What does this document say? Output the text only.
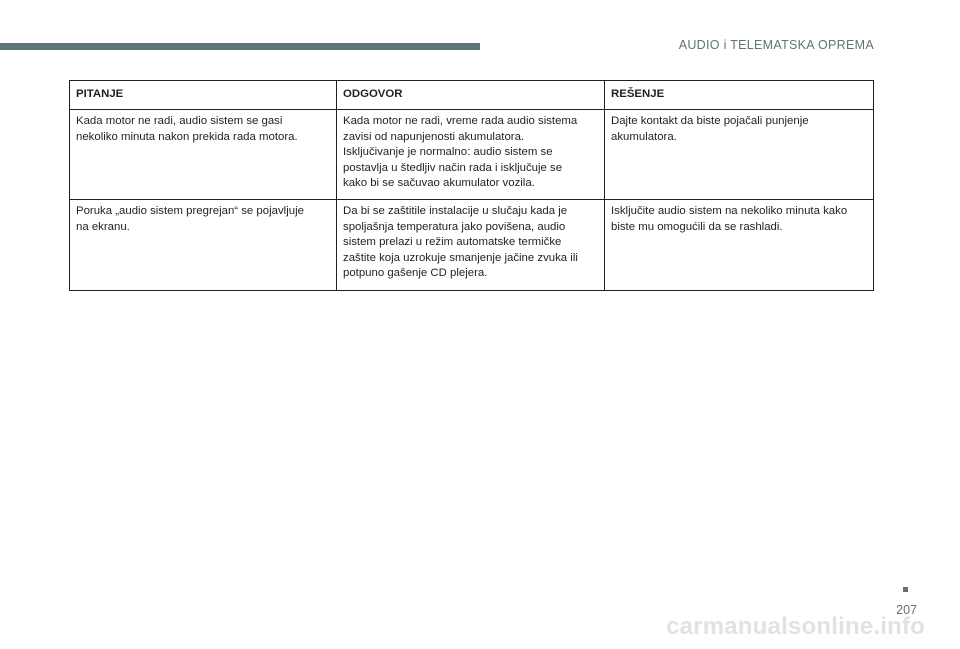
AUDIO i TELEMATSKA OPREMA
PITANJE	ODGOVOR	REŠENJE
Kada motor ne radi, audio sistem se gasi
nekoliko minuta nakon prekida rada motora.	Kada motor ne radi, vreme rada audio sistema
zavisi od napunjenosti akumulatora.
Isključivanje je normalno: audio sistem se
postavlja u štedljiv način rada i isključuje se
kako bi se sačuvao akumulator vozila.	Dajte kontakt da biste pojačali punjenje
akumulatora.
Poruka „audio sistem pregrejan“ se pojavljuje
na ekranu.	Da bi se zaštitile instalacije u slučaju kada je
spoljašnja temperatura jako povišena, audio
sistem prelazi u režim automatske termičke
zaštite koja uzrokuje smanjenje jačine zvuka ili
potpuno gašenje CD plejera.	Isključite audio sistem na nekoliko minuta kako
biste mu omogućili da se rashladi.
207
carmanualsonline.info
